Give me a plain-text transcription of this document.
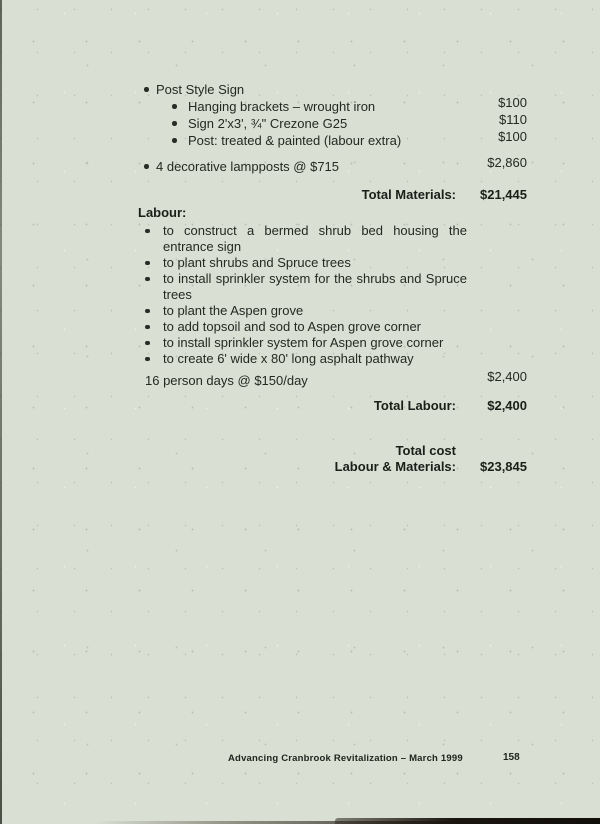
Post Style Sign
Hanging brackets – wrought iron	$100
Sign 2'x3', ¾" Crezone G25	$110
Post: treated & painted (labour extra)	$100
4 decorative lampposts @ $715	$2,860
Total Materials:	$21,445
Labour:
to construct a bermed shrub bed housing the entrance sign
to plant shrubs and Spruce trees
to install sprinkler system for the shrubs and Spruce trees
to plant the Aspen grove
to add topsoil and sod to Aspen grove corner
to install sprinkler system for Aspen grove corner
to create 6' wide x 80' long asphalt pathway
16 person days @ $150/day	$2,400
Total Labour:	$2,400
Total cost
Labour & Materials:	$23,845
Advancing Cranbrook Revitalization – March 1999	158
